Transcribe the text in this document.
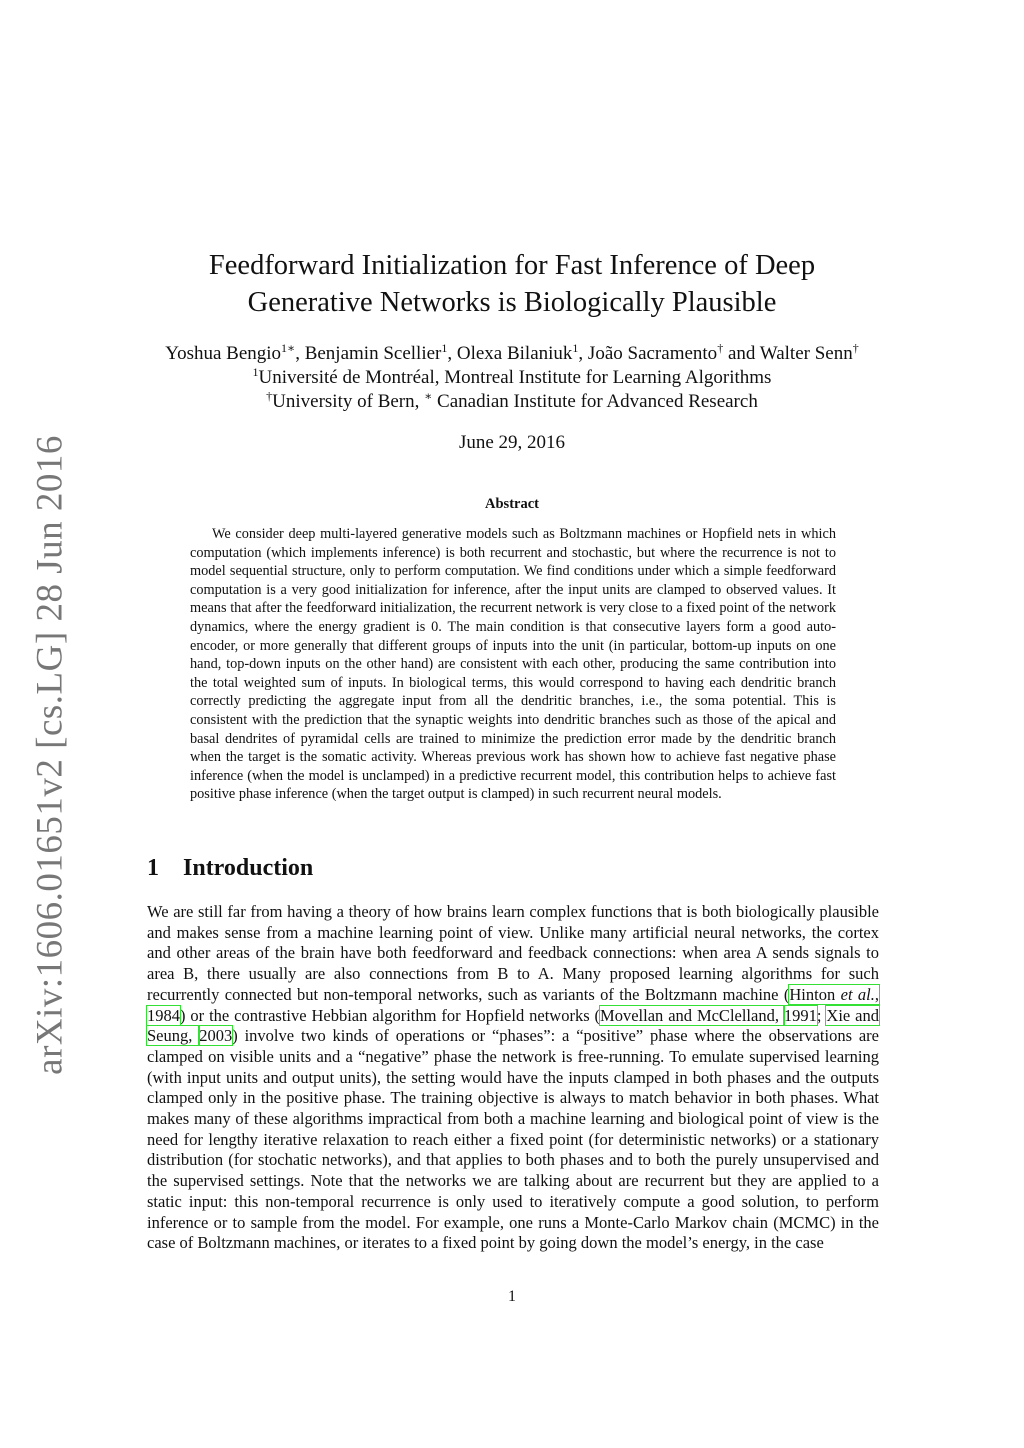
arXiv:1606.01651v2 [cs.LG] 28 Jun 2016
Feedforward Initialization for Fast Inference of Deep
Generative Networks is Biologically Plausible
Yoshua Bengio$^{1∗}$, Benjamin Scellier$^1$, Olexa Bilaniuk$^1$, João Sacramento† and Walter Senn†
$^1$Université de Montréal, Montreal Institute for Learning Algorithms
†University of Bern, ∗ Canadian Institute for Advanced Research
June 29, 2016
Abstract

We consider deep multi-layered generative models such as Boltzmann machines or Hopfield nets in which computation (which implements inference) is both recurrent and stochastic, but where the recurrence is not to model sequential structure, only to perform computation. We find conditions under which a simple feedforward computation is a very good initialization for inference, after the input units are clamped to observed values. It means that after the feedforward initialization, the recurrent network is very close to a fixed point of the network dynamics, where the energy gradient is 0. The main condition is that consecutive layers form a good auto-encoder, or more generally that different groups of inputs into the unit (in particular, bottom-up inputs on one hand, top-down inputs on the other hand) are consistent with each other, producing the same contribution into the total weighted sum of inputs. In biological terms, this would correspond to having each dendritic branch correctly predicting the aggregate input from all the dendritic branches, i.e., the soma potential. This is consistent with the prediction that the synaptic weights into dendritic branches such as those of the apical and basal dendrites of pyramidal cells are trained to minimize the prediction error made by the dendritic branch when the target is the somatic activity. Whereas previous work has shown how to achieve fast negative phase inference (when the model is unclamped) in a predictive recurrent model, this contribution helps to achieve fast positive phase inference (when the target output is clamped) in such recurrent neural models.

1 Introduction

We are still far from having a theory of how brains learn complex functions that is both biologically plausible and makes sense from a machine learning point of view. Unlike many artificial neural networks, the cortex and other areas of the brain have both feedforward and feedback connections: when area A sends signals to area B, there usually are also connections from B to A. Many proposed learning algorithms for such recurrently connected but non-temporal networks, such as variants of the Boltzmann machine (Hinton et al., 1984) or the contrastive Hebbian algorithm for Hopfield networks (Movellan and McClelland, 1991; Xie and Seung, 2003) involve two kinds of operations or “phases”: a “positive” phase where the observations are clamped on visible units and a “negative” phase the network is free-running. To emulate supervised learning (with input units and output units), the setting would have the inputs clamped in both phases and the outputs clamped only in the positive phase. The training objective is always to match behavior in both phases. What makes many of these algorithms impractical from both a machine learning and biological point of view is the need for lengthy iterative relaxation to reach either a fixed point (for deterministic networks) or a stationary distribution (for stochatic networks), and that applies to both phases and to both the purely unsupervised and the supervised settings. Note that the networks we are talking about are recurrent but they are applied to a static input: this non-temporal recurrence is only used to iteratively compute a good solution, to perform inference or to sample from the model. For example, one runs a Monte-Carlo Markov chain (MCMC) in the case of Boltzmann machines, or iterates to a fixed point by going down the model’s energy, in the case

1
